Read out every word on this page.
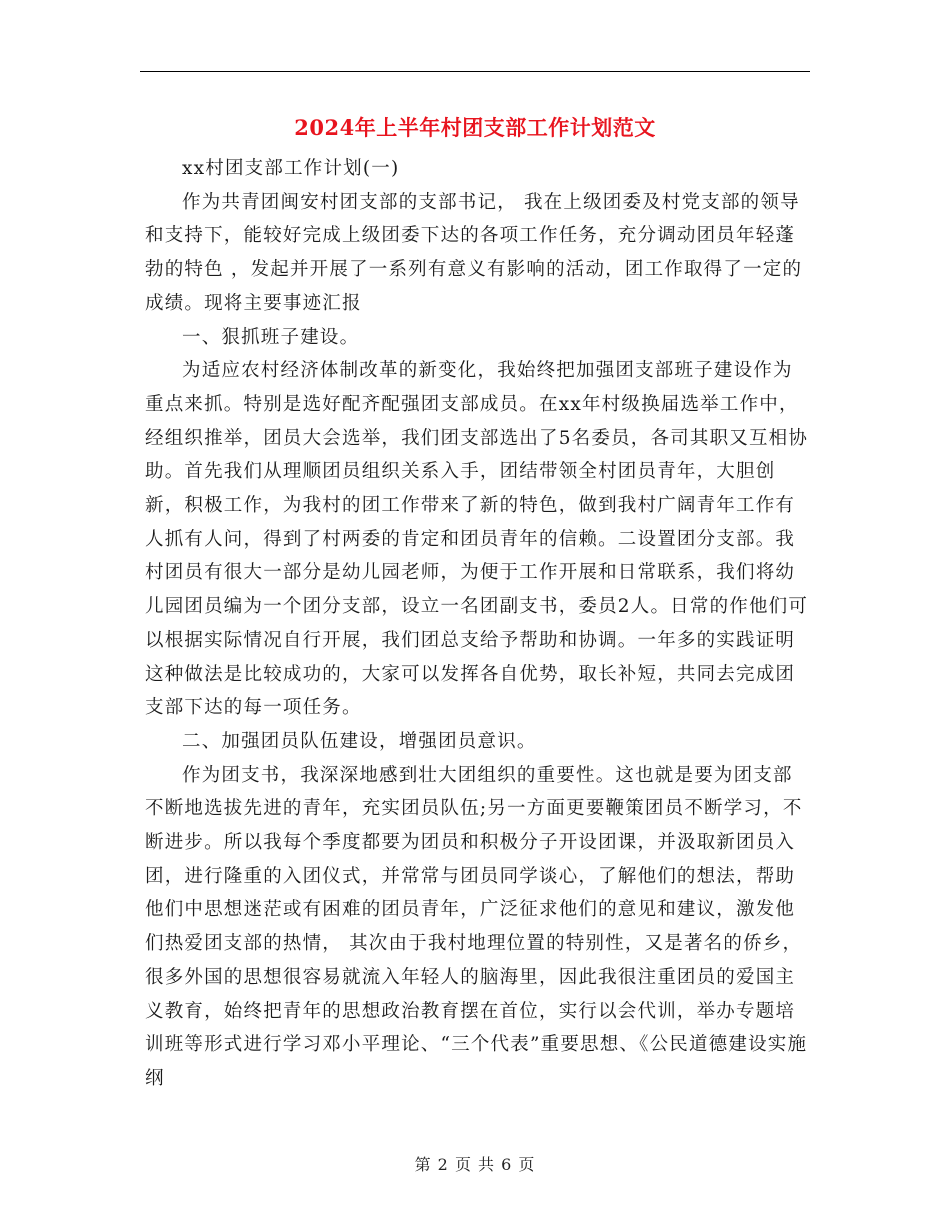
2024年上半年村团支部工作计划范文

xx村团支部工作计划(一)

作为共青团闽安村团支部的支部书记， 我在上级团委及村党支部的领导和支持下，能较好完成上级团委下达的各项工作任务，充分调动团员年轻蓬勃的特色 ，发起并开展了一系列有意义有影响的活动，团工作取得了一定的成绩。现将主要事迹汇报

一、狠抓班子建设。

为适应农村经济体制改革的新变化，我始终把加强团支部班子建设作为重点来抓。特别是选好配齐配强团支部成员。在xx年村级换届选举工作中，经组织推举，团员大会选举，我们团支部选出了5名委员，各司其职又互相协助。首先我们从理顺团员组织关系入手，团结带领全村团员青年，大胆创新，积极工作，为我村的团工作带来了新的特色，做到我村广阔青年工作有人抓有人问，得到了村两委的肯定和团员青年的信赖。二设置团分支部。我村团员有很大一部分是幼儿园老师，为便于工作开展和日常联系，我们将幼儿园团员编为一个团分支部，设立一名团副支书，委员2人。日常的作他们可以根据实际情况自行开展，我们团总支给予帮助和协调。一年多的实践证明这种做法是比较成功的，大家可以发挥各自优势，取长补短，共同去完成团支部下达的每一项任务。

二、加强团员队伍建设，增强团员意识。

作为团支书，我深深地感到壮大团组织的重要性。这也就是要为团支部不断地选拔先进的青年，充实团员队伍;另一方面更要鞭策团员不断学习，不断进步。所以我每个季度都要为团员和积极分子开设团课，并汲取新团员入团，进行隆重的入团仪式，并常常与团员同学谈心，了解他们的想法，帮助他们中思想迷茫或有困难的团员青年，广泛征求他们的意见和建议，激发他们热爱团支部的热情， 其次由于我村地理位置的特别性，又是著名的侨乡，很多外国的思想很容易就流入年轻人的脑海里，因此我很注重团员的爱国主义教育，始终把青年的思想政治教育摆在首位，实行以会代训，举办专题培训班等形式进行学习邓小平理论、“三个代表”重要思想、《公民道德建设实施纲

第 2 页 共 6 页
